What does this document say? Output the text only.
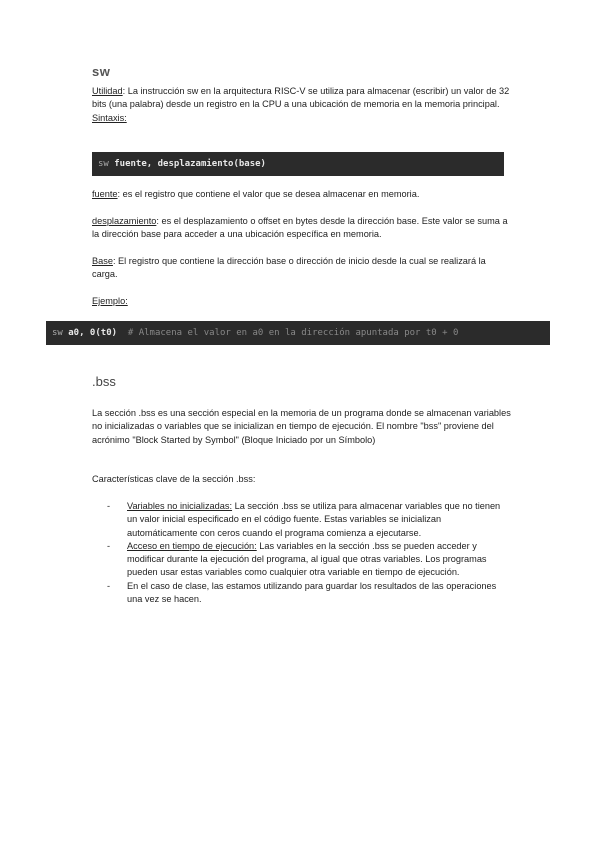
sw

Utilidad: La instrucción sw en la arquitectura RISC-V se utiliza para almacenar (escribir) un valor de 32 bits (una palabra) desde un registro en la CPU a una ubicación de memoria en la memoria principal.

Sintaxis:

sw fuente, desplazamiento(base)

fuente: es el registro que contiene el valor que se desea almacenar en memoria.

desplazamiento: es el desplazamiento o offset en bytes desde la dirección base. Este valor se suma a la dirección base para acceder a una ubicación específica en memoria.

Base: El registro que contiene la dirección base o dirección de inicio desde la cual se realizará la carga.

Ejemplo:

sw a0, 0(t0)  # Almacena el valor en a0 en la dirección apuntada por t0 + 0
.bss

La sección .bss es una sección especial en la memoria de un programa donde se almacenan variables no inicializadas o variables que se inicializan en tiempo de ejecución. El nombre "bss" proviene del acrónimo "Block Started by Symbol" (Bloque Iniciado por un Símbolo)

Características clave de la sección .bss:

- Variables no inicializadas: La sección .bss se utiliza para almacenar variables que no tienen un valor inicial especificado en el código fuente. Estas variables se inicializan automáticamente con ceros cuando el programa comienza a ejecutarse.
- Acceso en tiempo de ejecución: Las variables en la sección .bss se pueden acceder y modificar durante la ejecución del programa, al igual que otras variables. Los programas pueden usar estas variables como cualquier otra variable en tiempo de ejecución.
- En el caso de clase, las estamos utilizando para guardar los resultados de las operaciones una vez se hacen.
